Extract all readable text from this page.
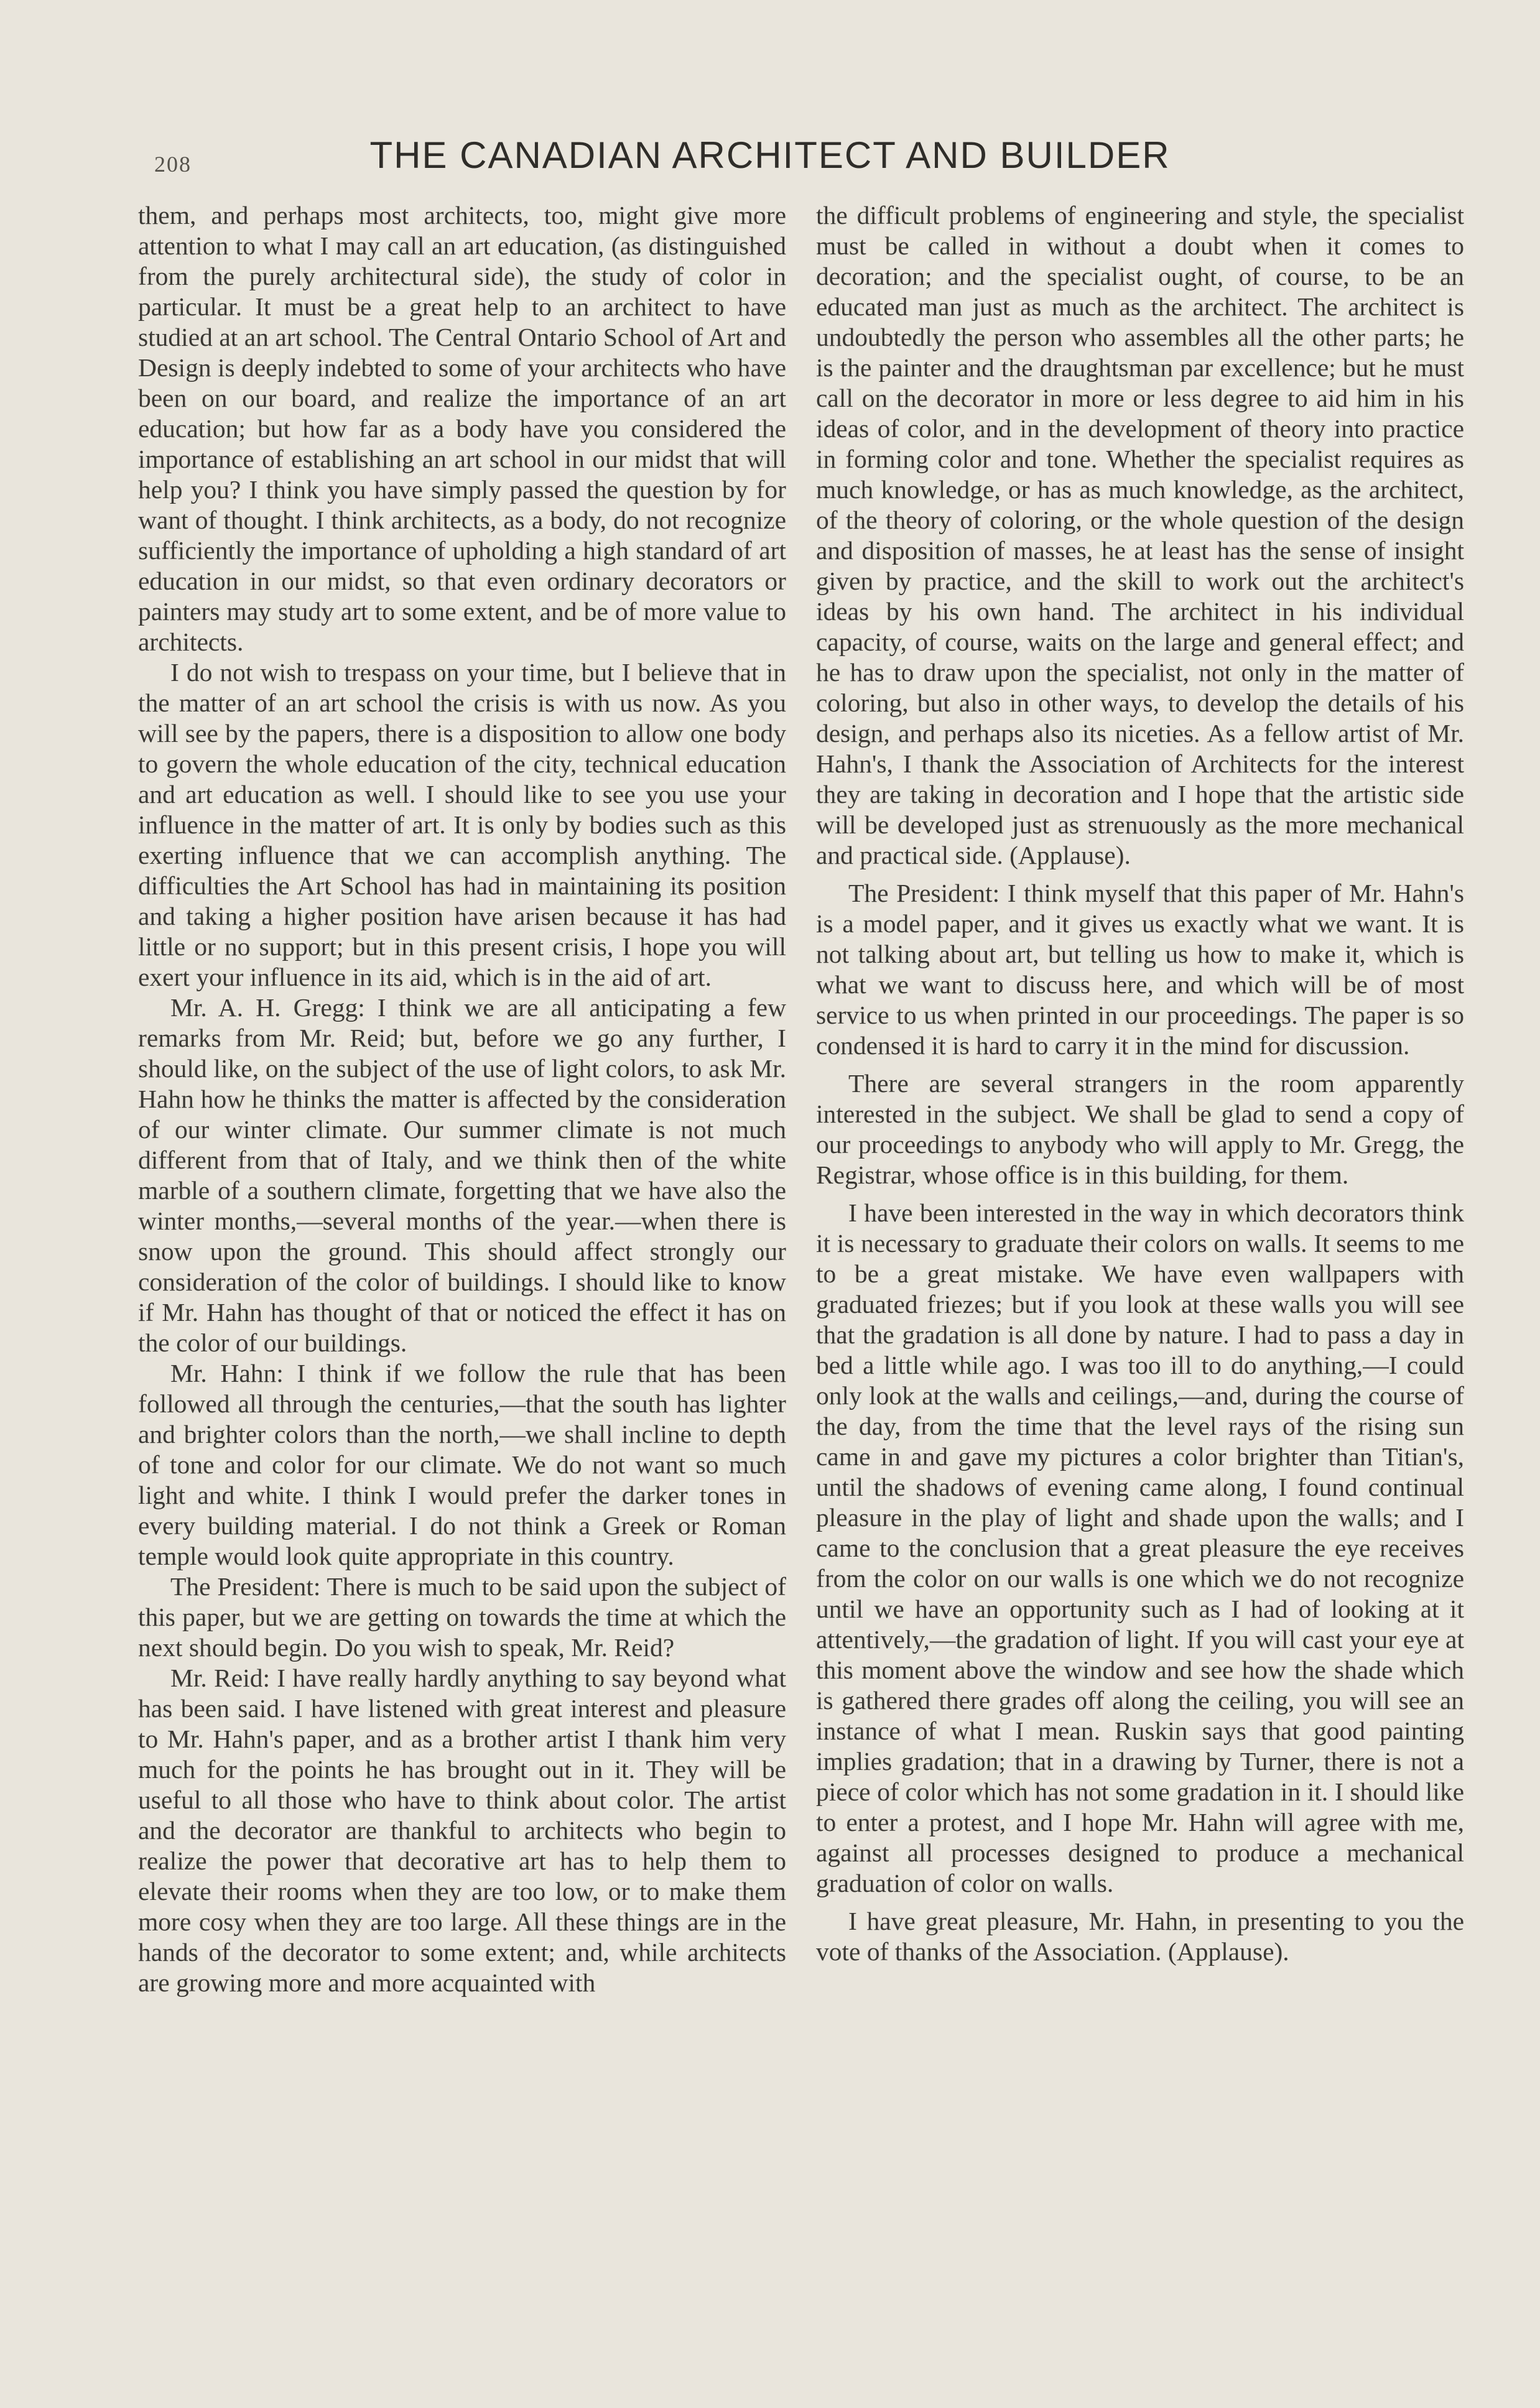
208	THE CANADIAN ARCHITECT AND BUILDER

them, and perhaps most architects, too, might give more attention to what I may call an art education, (as distinguished from the purely architectural side), the study of color in particular. It must be a great help to an architect to have studied at an art school. The Central Ontario School of Art and Design is deeply indebted to some of your architects who have been on our board, and realize the importance of an art education; but how far as a body have you considered the importance of establishing an art school in our midst that will help you? I think you have simply passed the question by for want of thought. I think architects, as a body, do not recognize sufficiently the importance of upholding a high standard of art education in our midst, so that even ordinary decorators or painters may study art to some extent, and be of more value to architects.

I do not wish to trespass on your time, but I believe that in the matter of an art school the crisis is with us now. As you will see by the papers, there is a disposition to allow one body to govern the whole education of the city, technical education and art education as well. I should like to see you use your influence in the matter of art. It is only by bodies such as this exerting influence that we can accomplish anything. The difficulties the Art School has had in maintaining its position and taking a higher position have arisen because it has had little or no support; but in this present crisis, I hope you will exert your influence in its aid, which is in the aid of art.

Mr. A. H. Gregg: I think we are all anticipating a few remarks from Mr. Reid; but, before we go any further, I should like, on the subject of the use of light colors, to ask Mr. Hahn how he thinks the matter is affected by the consideration of our winter climate. Our summer climate is not much different from that of Italy, and we think then of the white marble of a southern climate, forgetting that we have also the winter months,—several months of the year.—when there is snow upon the ground. This should affect strongly our consideration of the color of buildings. I should like to know if Mr. Hahn has thought of that or noticed the effect it has on the color of our buildings.

Mr. Hahn: I think if we follow the rule that has been followed all through the centuries,—that the south has lighter and brighter colors than the north,—we shall incline to depth of tone and color for our climate. We do not want so much light and white. I think I would prefer the darker tones in every building material. I do not think a Greek or Roman temple would look quite appropriate in this country.

The President: There is much to be said upon the subject of this paper, but we are getting on towards the time at which the next should begin. Do you wish to speak, Mr. Reid?

Mr. Reid: I have really hardly anything to say beyond what has been said. I have listened with great interest and pleasure to Mr. Hahn's paper, and as a brother artist I thank him very much for the points he has brought out in it. They will be useful to all those who have to think about color. The artist and the decorator are thankful to architects who begin to realize the power that decorative art has to help them to elevate their rooms when they are too low, or to make them more cosy when they are too large. All these things are in the hands of the decorator to some extent; and, while architects are growing more and more acquainted with

the difficult problems of engineering and style, the specialist must be called in without a doubt when it comes to decoration; and the specialist ought, of course, to be an educated man just as much as the architect. The architect is undoubtedly the person who assembles all the other parts; he is the painter and the draughtsman par excellence; but he must call on the decorator in more or less degree to aid him in his ideas of color, and in the development of theory into practice in forming color and tone. Whether the specialist requires as much knowledge, or has as much knowledge, as the architect, of the theory of coloring, or the whole question of the design and disposition of masses, he at least has the sense of insight given by practice, and the skill to work out the architect's ideas by his own hand. The architect in his individual capacity, of course, waits on the large and general effect; and he has to draw upon the specialist, not only in the matter of coloring, but also in other ways, to develop the details of his design, and perhaps also its niceties. As a fellow artist of Mr. Hahn's, I thank the Association of Architects for the interest they are taking in decoration and I hope that the artistic side will be developed just as strenuously as the more mechanical and practical side. (Applause).

The President: I think myself that this paper of Mr. Hahn's is a model paper, and it gives us exactly what we want. It is not talking about art, but telling us how to make it, which is what we want to discuss here, and which will be of most service to us when printed in our proceedings. The paper is so condensed it is hard to carry it in the mind for discussion.

There are several strangers in the room apparently interested in the subject. We shall be glad to send a copy of our proceedings to anybody who will apply to Mr. Gregg, the Registrar, whose office is in this building, for them.

I have been interested in the way in which decorators think it is necessary to graduate their colors on walls. It seems to me to be a great mistake. We have even wallpapers with graduated friezes; but if you look at these walls you will see that the gradation is all done by nature. I had to pass a day in bed a little while ago. I was too ill to do anything,—I could only look at the walls and ceilings,—and, during the course of the day, from the time that the level rays of the rising sun came in and gave my pictures a color brighter than Titian's, until the shadows of evening came along, I found continual pleasure in the play of light and shade upon the walls; and I came to the conclusion that a great pleasure the eye receives from the color on our walls is one which we do not recognize until we have an opportunity such as I had of looking at it attentively,—the gradation of light. If you will cast your eye at this moment above the window and see how the shade which is gathered there grades off along the ceiling, you will see an instance of what I mean. Ruskin says that good painting implies gradation; that in a drawing by Turner, there is not a piece of color which has not some gradation in it. I should like to enter a protest, and I hope Mr. Hahn will agree with me, against all processes designed to produce a mechanical graduation of color on walls.

I have great pleasure, Mr. Hahn, in presenting to you the vote of thanks of the Association. (Applause).
